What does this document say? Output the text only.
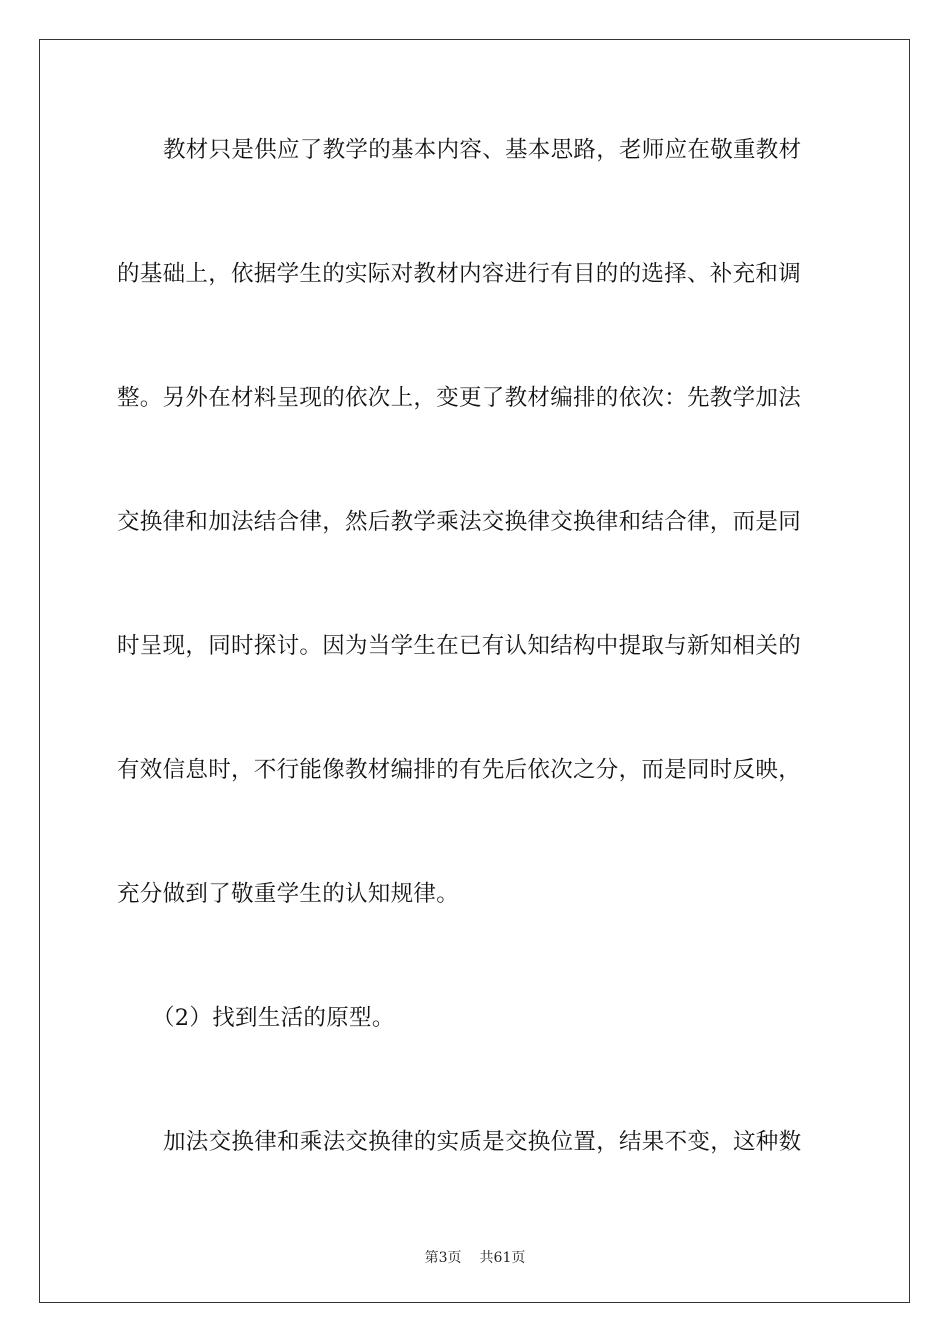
教材只是供应了教学的基本内容、基本思路，老师应在敬重教材
的基础上，依据学生的实际对教材内容进行有目的的选择、补充和调
整。另外在材料呈现的依次上，变更了教材编排的依次：先教学加法
交换律和加法结合律，然后教学乘法交换律交换律和结合律，而是同
时呈现，同时探讨。因为当学生在已有认知结构中提取与新知相关的
有效信息时，不行能像教材编排的有先后依次之分，而是同时反映，
充分做到了敬重学生的认知规律。
（2）找到生活的原型。
加法交换律和乘法交换律的实质是交换位置，结果不变，这种数
第3页 共61页
